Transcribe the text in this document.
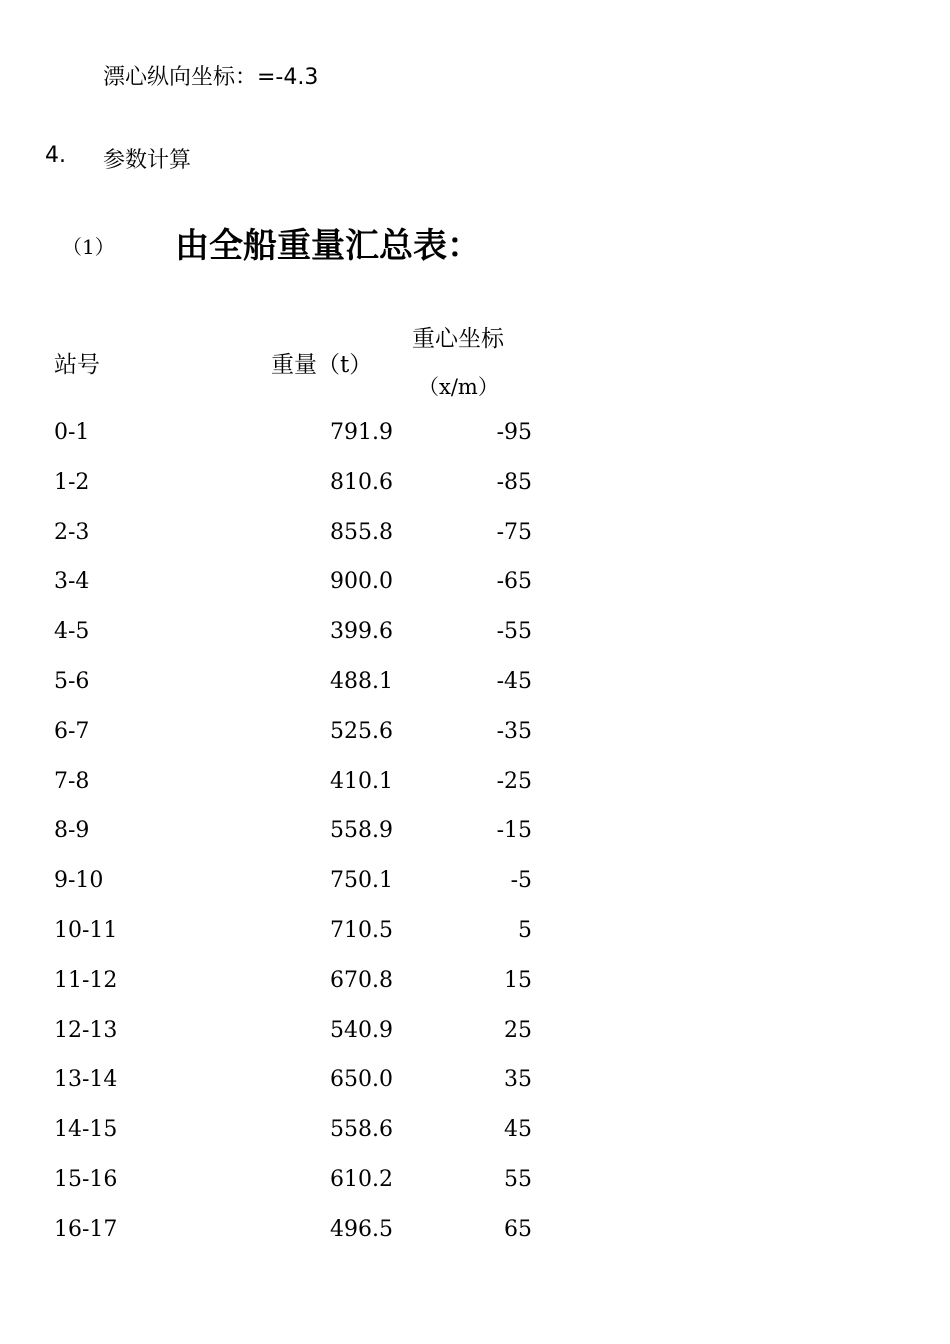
漂心纵向坐标：=-4.3
4. 参数计算
（1） 由全船重量汇总表：
站号	重量（t）
重心坐标
（x/m）
0-1	791.9	-95
1-2	810.6	-85
2-3	855.8	-75
3-4	900.0	-65
4-5	399.6	-55
5-6	488.1	-45
6-7	525.6	-35
7-8	410.1	-25
8-9	558.9	-15
9-10	750.1	-5
10-11	710.5	5
11-12	670.8	15
12-13	540.9	25
13-14	650.0	35
14-15	558.6	45
15-16	610.2	55
16-17	496.5	65
